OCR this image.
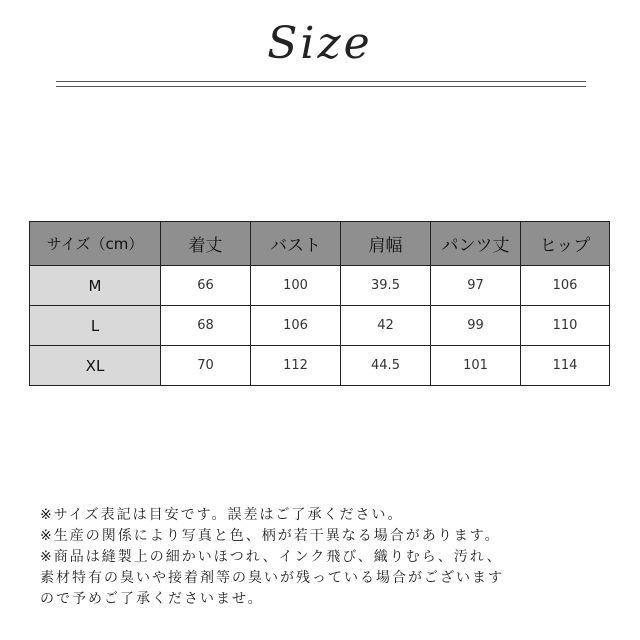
Size
サイズ（cm）	着丈	バスト	肩幅	パンツ丈	ヒップ
M	66	100	39.5	97	106
L	68	106	42	99	110
XL	70	112	44.5	101	114
※サイズ表記は目安です。誤差はご了承ください。
※生産の関係により写真と色、柄が若干異なる場合があります。
※商品は縫製上の細かいほつれ、インク飛び、織りむら、汚れ、
素材特有の臭いや接着剤等の臭いが残っている場合がございます
ので予めご了承くださいませ。
